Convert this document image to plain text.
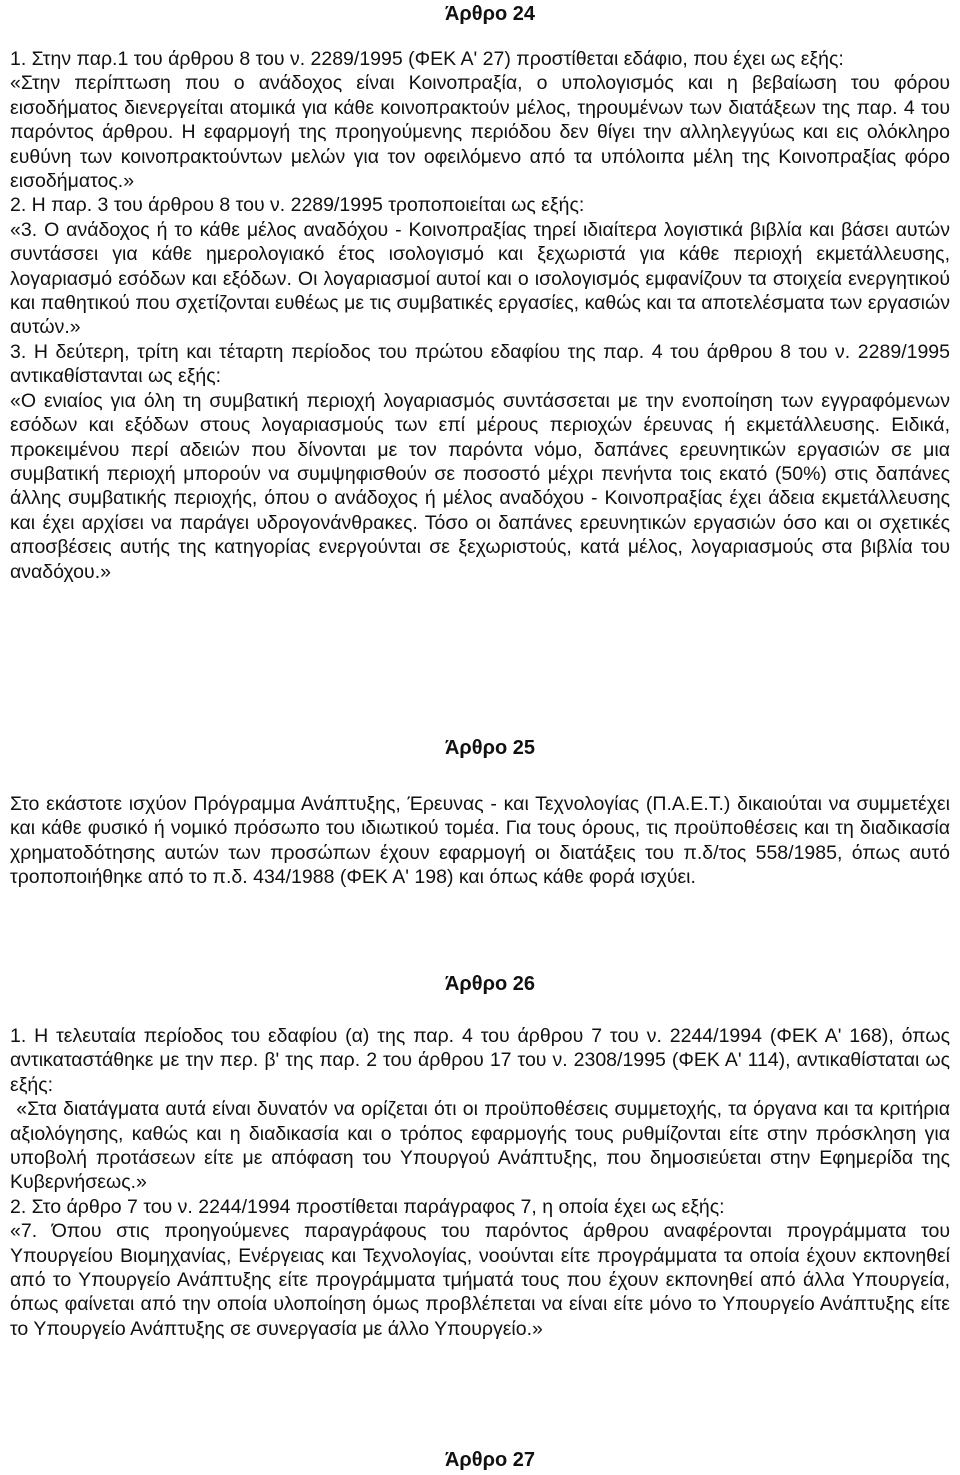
Άρθρο 24

1. Στην παρ.1 του άρθρου 8 του ν. 2289/1995 (ΦΕΚ Α' 27) προστίθεται εδάφιο, που έχει ως εξής:

«Στην περίπτωση που ο ανάδοχος είναι Κοινοπραξία, ο υπολογισμός και η βεβαίωση του φόρου εισοδήματος διενεργείται ατομικά για κάθε κοινοπρακτούν μέλος, τηρουμένων των διατάξεων της παρ. 4 του παρόντος άρθρου. Η εφαρμογή της προηγούμενης περιόδου δεν θίγει την αλληλεγγύως και εις ολόκληρο ευθύνη των κοινοπρακτούντων μελών για τον οφειλόμενο από τα υπόλοιπα μέλη της Κοινοπραξίας φόρο εισοδήματος.»

2. Η παρ. 3 του άρθρου 8 του ν. 2289/1995 τροποποιείται ως εξής:

«3. Ο ανάδοχος ή το κάθε μέλος αναδόχου - Κοινοπραξίας τηρεί ιδιαίτερα λογιστικά βιβλία και βάσει αυτών συντάσσει για κάθε ημερολογιακό έτος ισολογισμό και ξεχωριστά για κάθε περιοχή εκμετάλλευσης, λογαριασμό εσόδων και εξόδων. Οι λογαριασμοί αυτοί και ο ισολογισμός εμφανίζουν τα στοιχεία ενεργητικού και παθητικού που σχετίζονται ευθέως με τις συμβατικές εργασίες, καθώς και τα αποτελέσματα των εργασιών αυτών.»

3. Η δεύτερη, τρίτη και τέταρτη περίοδος του πρώτου εδαφίου της παρ. 4 του άρθρου 8 του ν. 2289/1995 αντικαθίστανται ως εξής:

«Ο ενιαίος για όλη τη συμβατική περιοχή λογαριασμός συντάσσεται με την ενοποίηση των εγγραφόμενων εσόδων και εξόδων στους λογαριασμούς των επί μέρους περιοχών έρευνας ή εκμετάλλευσης. Ειδικά, προκειμένου περί αδειών που δίνονται με τον παρόντα νόμο, δαπάνες ερευνητικών εργασιών σε μια συμβατική περιοχή μπορούν να συμψηφισθούν σε ποσοστό μέχρι πενήντα τοις εκατό (50%) στις δαπάνες άλλης συμβατικής περιοχής, όπου ο ανάδοχος ή μέλος αναδόχου - Κοινοπραξίας έχει άδεια εκμετάλλευσης και έχει αρχίσει να παράγει υδρογονάνθρακες. Τόσο οι δαπάνες ερευνητικών εργασιών όσο και οι σχετικές αποσβέσεις αυτής της κατηγορίας ενεργούνται σε ξεχωριστούς, κατά μέλος, λογαριασμούς στα βιβλία του αναδόχου.»

Άρθρο 25

Στο εκάστοτε ισχύον Πρόγραμμα Ανάπτυξης, Έρευνας - και Τεχνολογίας (Π.Α.Ε.Τ.) δικαιούται να συμμετέχει και κάθε φυσικό ή νομικό πρόσωπο του ιδιωτικού τομέα. Για τους όρους, τις προϋποθέσεις και τη διαδικασία χρηματοδότησης αυτών των προσώπων έχουν εφαρμογή οι διατάξεις του π.δ/τος 558/1985, όπως αυτό τροποποιήθηκε από το π.δ. 434/1988 (ΦΕΚ Α' 198) και όπως κάθε φορά ισχύει.

Άρθρο 26

1. Η τελευταία περίοδος του εδαφίου (α) της παρ. 4 του άρθρου 7 του ν. 2244/1994 (ΦΕΚ Α' 168), όπως αντικαταστάθηκε με την περ. β' της παρ. 2 του άρθρου 17 του ν. 2308/1995 (ΦΕΚ Α' 114), αντικαθίσταται ως εξής:

«Στα διατάγματα αυτά είναι δυνατόν να ορίζεται ότι οι προϋποθέσεις συμμετοχής, τα όργανα και τα κριτήρια αξιολόγησης, καθώς και η διαδικασία και ο τρόπος εφαρμογής τους ρυθμίζονται είτε στην πρόσκληση για υποβολή προτάσεων είτε με απόφαση του Υπουργού Ανάπτυξης, που δημοσιεύεται στην Εφημερίδα της Κυβερνήσεως.»

2. Στο άρθρο 7 του ν. 2244/1994 προστίθεται παράγραφος 7, η οποία έχει ως εξής:

«7. Όπου στις προηγούμενες παραγράφους του παρόντος άρθρου αναφέρονται προγράμματα του Υπουργείου Βιομηχανίας, Ενέργειας και Τεχνολογίας, νοούνται είτε προγράμματα τα οποία έχουν εκπονηθεί από το Υπουργείο Ανάπτυξης είτε προγράμματα τμήματά τους που έχουν εκπονηθεί από άλλα Υπουργεία, όπως φαίνεται από την οποία υλοποίηση όμως προβλέπεται να είναι είτε μόνο το Υπουργείο Ανάπτυξης είτε το Υπουργείο Ανάπτυξης σε συνεργασία με άλλο Υπουργείο.»

Άρθρο 27
